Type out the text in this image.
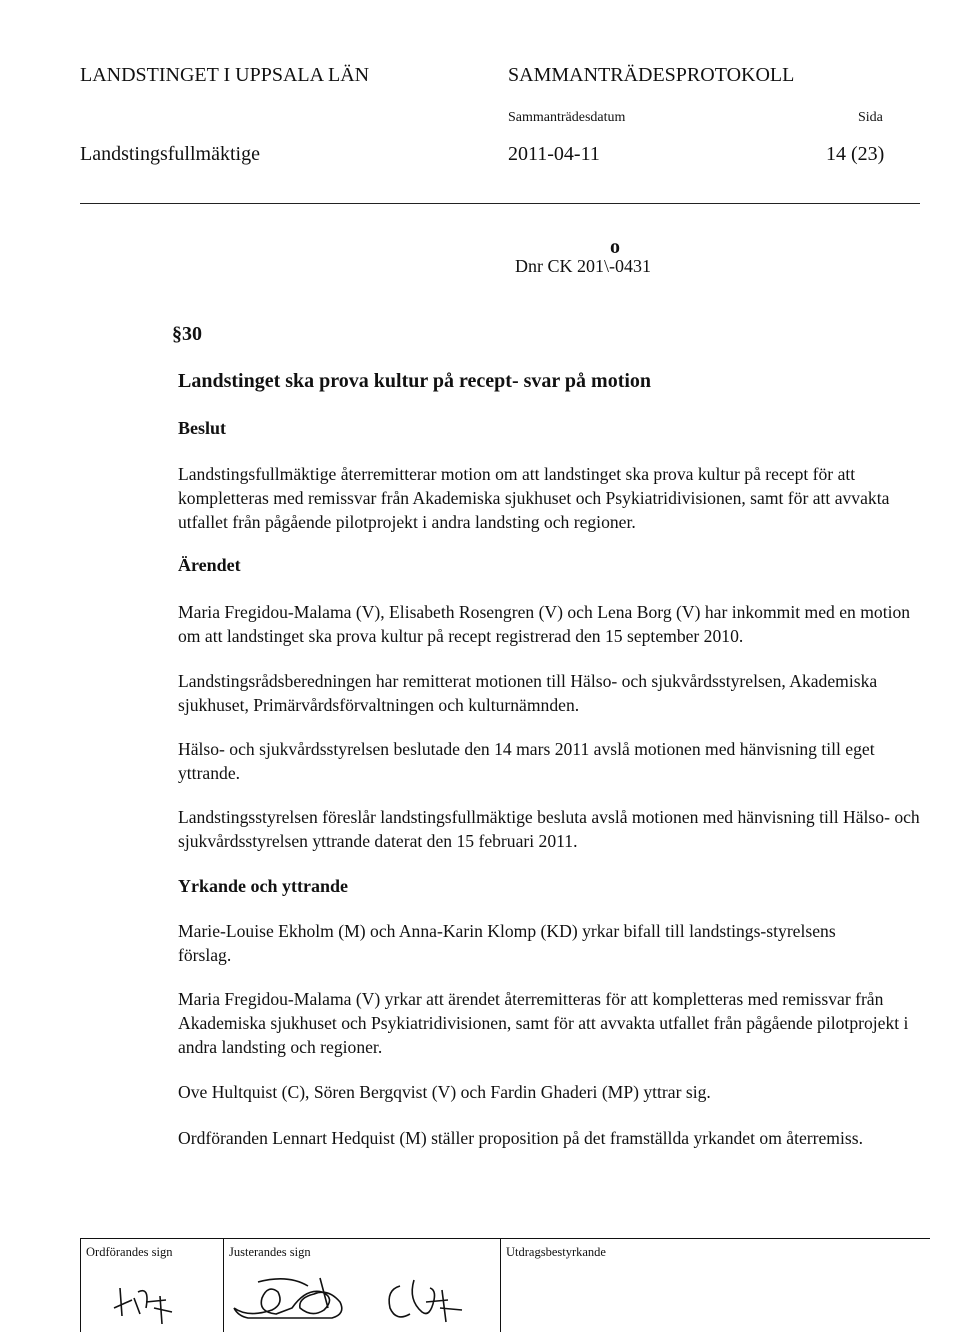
LANDSTINGET I UPPSALA LÄN	SAMMANTRÄDESPROTOKOLL
Sammanträdesdatum	Sida
Landstingsfullmäktige	2011-04-11	14 (23)
o
Dnr CK 201\-0431
§30
Landstinget ska prova kultur på recept- svar på motion
Beslut
Landstingsfullmäktige återremitterar motion om att landstinget ska prova kultur på recept för att kompletteras med remissvar från Akademiska sjukhuset och Psykiatridivisionen, samt för att avvakta utfallet från pågående pilotprojekt i andra landsting och regioner.
Ärendet
Maria Fregidou-Malama (V), Elisabeth Rosengren (V) och Lena Borg (V) har inkommit med en motion om att landstinget ska prova kultur på recept registrerad den 15 september 2010.
Landstingsrådsberedningen har remitterat motionen till Hälso- och sjukvårdsstyrelsen, Akademiska sjukhuset, Primärvårdsförvaltningen och kulturnämnden.
Hälso- och sjukvårdsstyrelsen beslutade den 14 mars 2011 avslå motionen med hänvisning till eget yttrande.
Landstingsstyrelsen föreslår landstingsfullmäktige besluta avslå motionen med hänvisning till Hälso- och sjukvårdsstyrelsen yttrande daterat den 15 februari 2011.
Yrkande och yttrande
Marie-Louise Ekholm (M) och Anna-Karin Klomp (KD) yrkar bifall till landstings-styrelsens förslag.
Maria Fregidou-Malama (V) yrkar att ärendet återremitteras för att kompletteras med remissvar från Akademiska sjukhuset och Psykiatridivisionen, samt för att avvakta utfallet från pågående pilotprojekt i andra landsting och regioner.
Ove Hultquist (C), Sören Bergqvist (V) och Fardin Ghaderi (MP) yttrar sig.
Ordföranden Lennart Hedquist (M) ställer proposition på det framställda yrkandet om återremiss.
Ordförandes sign	Justerandes sign	Utdragsbestyrkande
